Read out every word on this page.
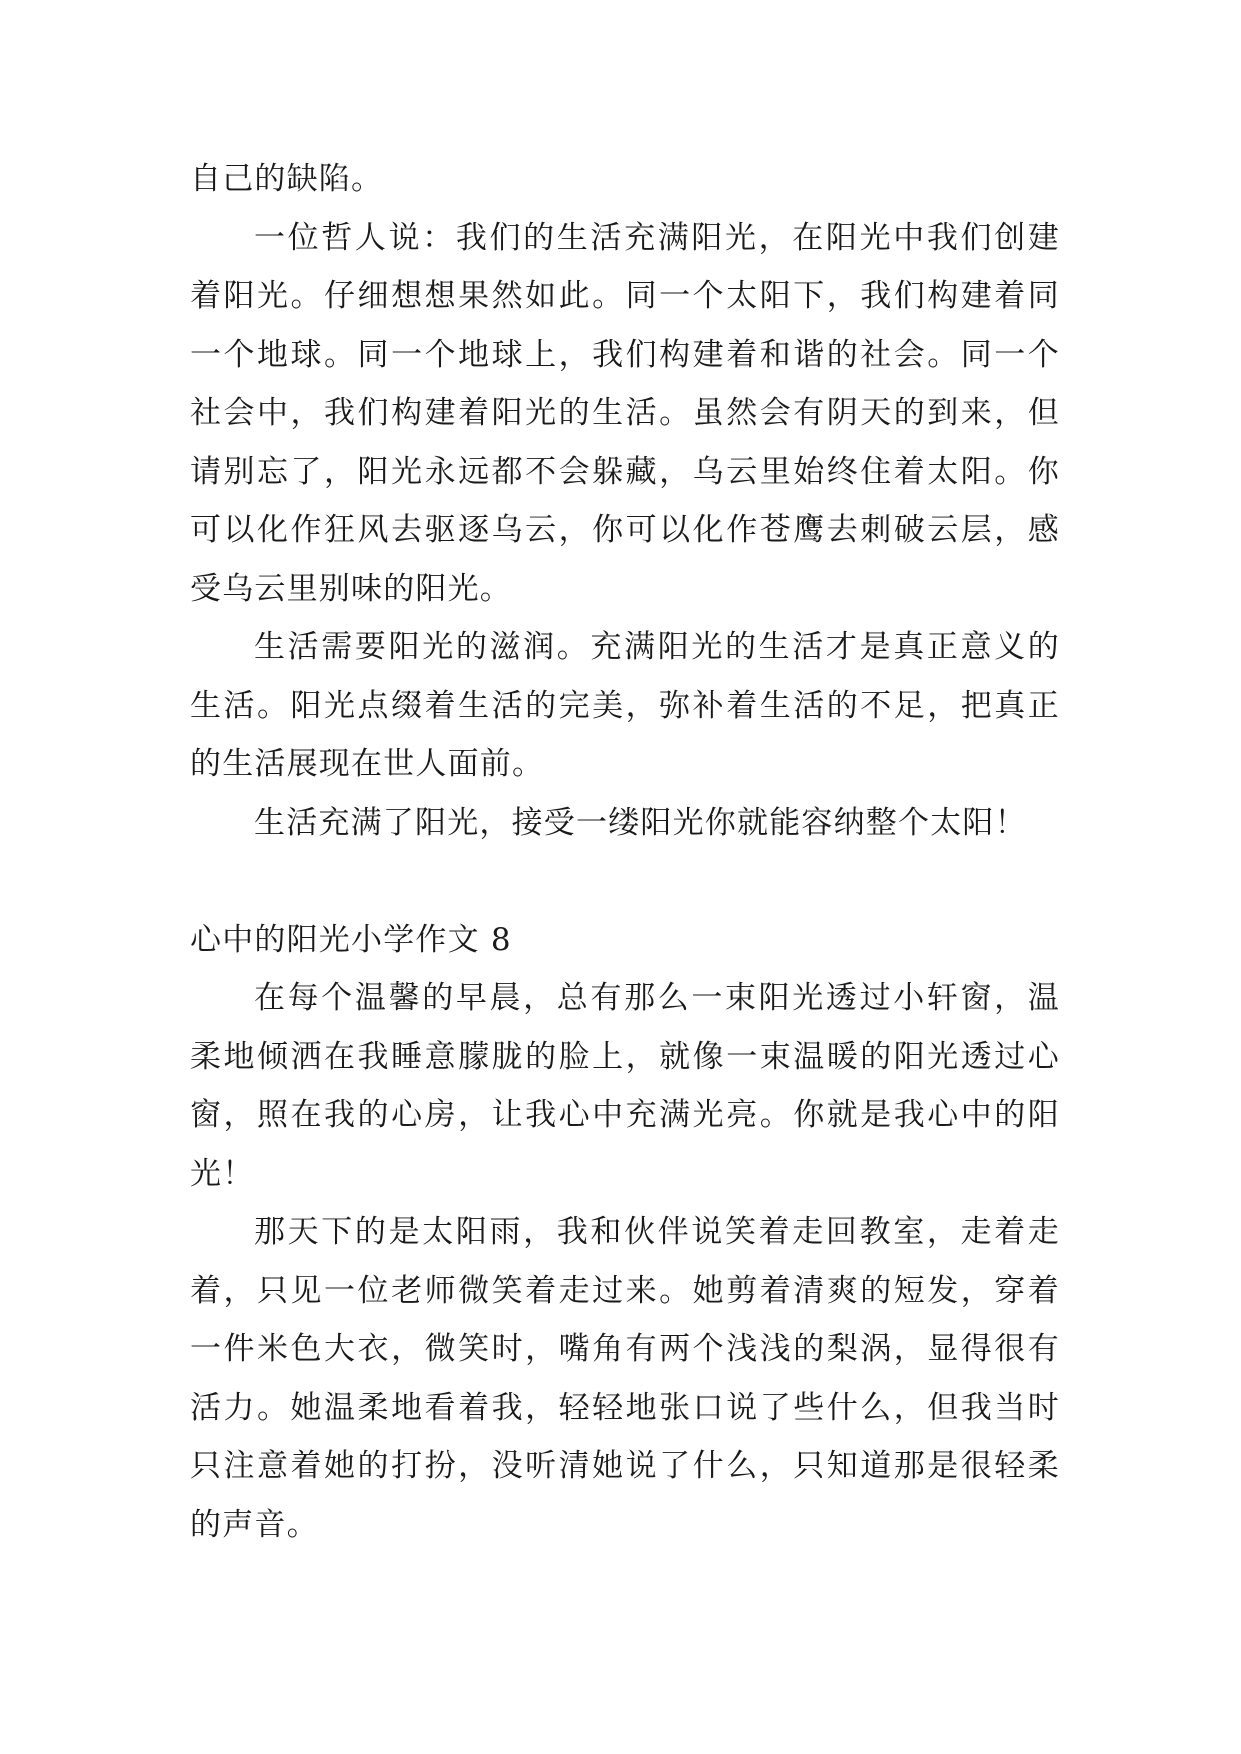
自己的缺陷。
一位哲人说：我们的生活充满阳光，在阳光中我们创建
着阳光。仔细想想果然如此。同一个太阳下，我们构建着同
一个地球。同一个地球上，我们构建着和谐的社会。同一个
社会中，我们构建着阳光的生活。虽然会有阴天的到来，但
请别忘了，阳光永远都不会躲藏，乌云里始终住着太阳。你
可以化作狂风去驱逐乌云，你可以化作苍鹰去刺破云层，感
受乌云里别味的阳光。
生活需要阳光的滋润。充满阳光的生活才是真正意义的
生活。阳光点缀着生活的完美，弥补着生活的不足，把真正
的生活展现在世人面前。
生活充满了阳光，接受一缕阳光你就能容纳整个太阳！
心中的阳光小学作文 8
在每个温馨的早晨，总有那么一束阳光透过小轩窗，温
柔地倾洒在我睡意朦胧的脸上，就像一束温暖的阳光透过心
窗，照在我的心房，让我心中充满光亮。你就是我心中的阳
光！
那天下的是太阳雨，我和伙伴说笑着走回教室，走着走
着，只见一位老师微笑着走过来。她剪着清爽的短发，穿着
一件米色大衣，微笑时，嘴角有两个浅浅的梨涡，显得很有
活力。她温柔地看着我，轻轻地张口说了些什么，但我当时
只注意着她的打扮，没听清她说了什么，只知道那是很轻柔
的声音。
